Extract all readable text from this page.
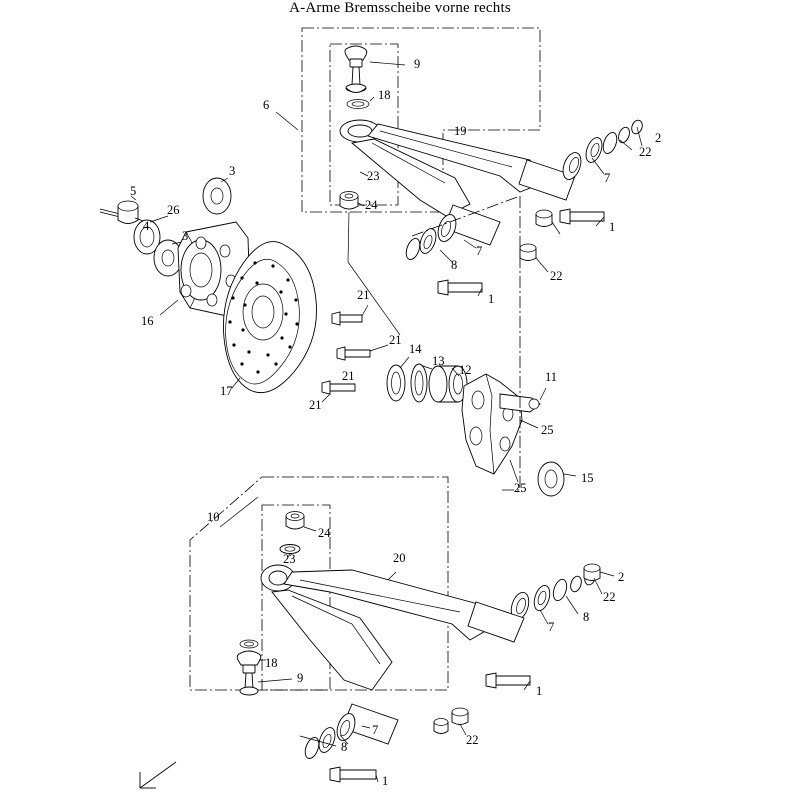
A-Arme Bremsscheibe vorne rechts
9
18
6
19	2
22
7
23
3
5
4
26	24
3
1
7
8
22
1
21
16
21
14
13
12	11
21
17
21
25
25
15
10
24
23	20
2
22
8
7
18
9
1
7
8	22
1
